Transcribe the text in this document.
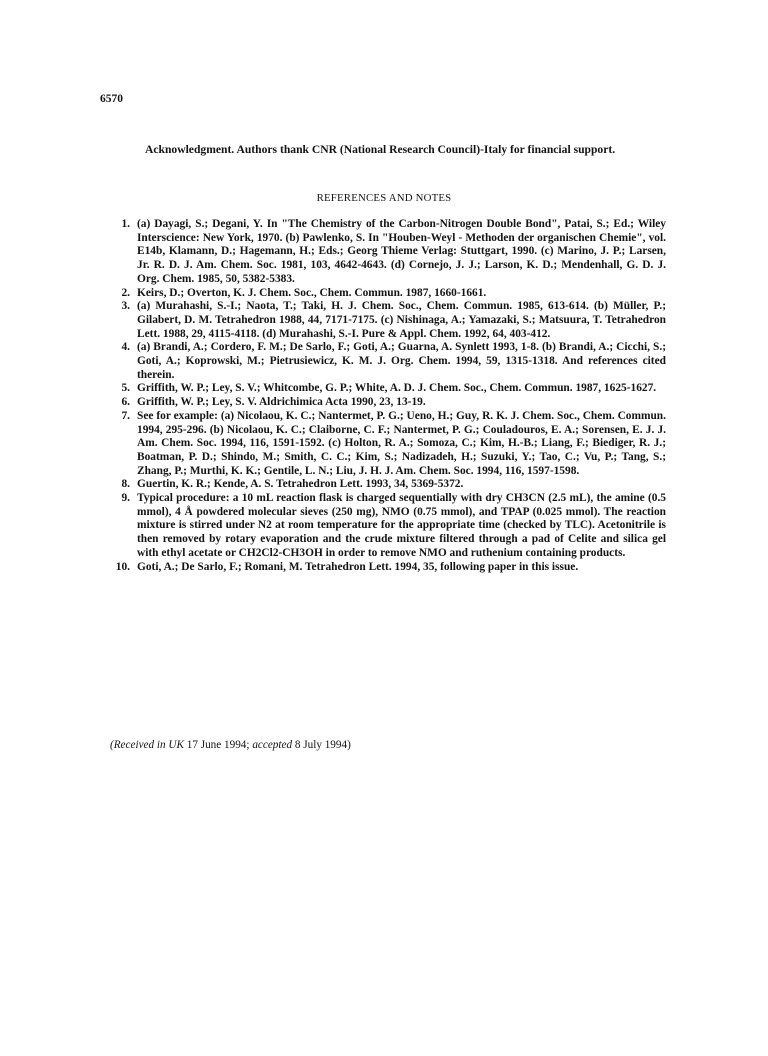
6570
Acknowledgment. Authors thank CNR (National Research Council)-Italy for financial support.
REFERENCES AND NOTES
1 . (a) Dayagi, S.; Degani, Y. In "The Chemistry of the Carbon-Nitrogen Double Bond", Patai, S.; Ed.; Wiley Interscience: New York, 1970. (b) Pawlenko, S. In "Houben-Weyl - Methoden der organischen Chemie", vol. E14b, Klamann, D.; Hagemann, H.; Eds.; Georg Thieme Verlag: Stuttgart, 1990. (c) Marino, J. P.; Larsen, Jr. R. D. J. Am. Chem. Soc. 1981, 103, 4642-4643. (d) Cornejo, J. J.; Larson, K. D.; Mendenhall, G. D. J. Org. Chem. 1985, 50, 5382-5383.
2 . Keirs, D.; Overton, K. J. Chem. Soc., Chem. Commun. 1987, 1660-1661.
3 . (a) Murahashi, S.-I.; Naota, T.; Taki, H. J. Chem. Soc., Chem. Commun. 1985, 613-614. (b) Müller, P.; Gilabert, D. M. Tetrahedron 1988, 44, 7171-7175. (c) Nishinaga, A.; Yamazaki, S.; Matsuura, T. Tetrahedron Lett. 1988, 29, 4115-4118. (d) Murahashi, S.-I. Pure & Appl. Chem. 1992, 64, 403-412.
4 . (a) Brandi, A.; Cordero, F. M.; De Sarlo, F.; Goti, A.; Guarna, A. Synlett 1993, 1-8. (b) Brandi, A.; Cicchi, S.; Goti, A.; Koprowski, M.; Pietrusiewicz, K. M. J. Org. Chem. 1994, 59, 1315-1318. And references cited therein.
5 . Griffith, W. P.; Ley, S. V.; Whitcombe, G. P.; White, A. D. J. Chem. Soc., Chem. Commun. 1987, 1625-1627.
6 . Griffith, W. P.; Ley, S. V. Aldrichimica Acta 1990, 23, 13-19.
7 . See for example: (a) Nicolaou, K. C.; Nantermet, P. G.; Ueno, H.; Guy, R. K. J. Chem. Soc., Chem. Commun. 1994, 295-296. (b) Nicolaou, K. C.; Claiborne, C. F.; Nantermet, P. G.; Couladouros, E. A.; Sorensen, E. J. J. Am. Chem. Soc. 1994, 116, 1591-1592. (c) Holton, R. A.; Somoza, C.; Kim, H.-B.; Liang, F.; Biediger, R. J.; Boatman, P. D.; Shindo, M.; Smith, C. C.; Kim, S.; Nadizadeh, H.; Suzuki, Y.; Tao, C.; Vu, P.; Tang, S.; Zhang, P.; Murthi, K. K.; Gentile, L. N.; Liu, J. H. J. Am. Chem. Soc. 1994, 116, 1597-1598.
8 . Guertin, K. R.; Kende, A. S. Tetrahedron Lett. 1993, 34, 5369-5372.
9 . Typical procedure: a 10 mL reaction flask is charged sequentially with dry CH3CN (2.5 mL), the amine (0.5 mmol), 4 Å powdered molecular sieves (250 mg), NMO (0.75 mmol), and TPAP (0.025 mmol). The reaction mixture is stirred under N2 at room temperature for the appropriate time (checked by TLC). Acetonitrile is then removed by rotary evaporation and the crude mixture filtered through a pad of Celite and silica gel with ethyl acetate or CH2Cl2-CH3OH in order to remove NMO and ruthenium containing products.
10 . Goti, A.; De Sarlo, F.; Romani, M. Tetrahedron Lett. 1994, 35, following paper in this issue.
(Received in UK 17 June 1994; accepted 8 July 1994)
